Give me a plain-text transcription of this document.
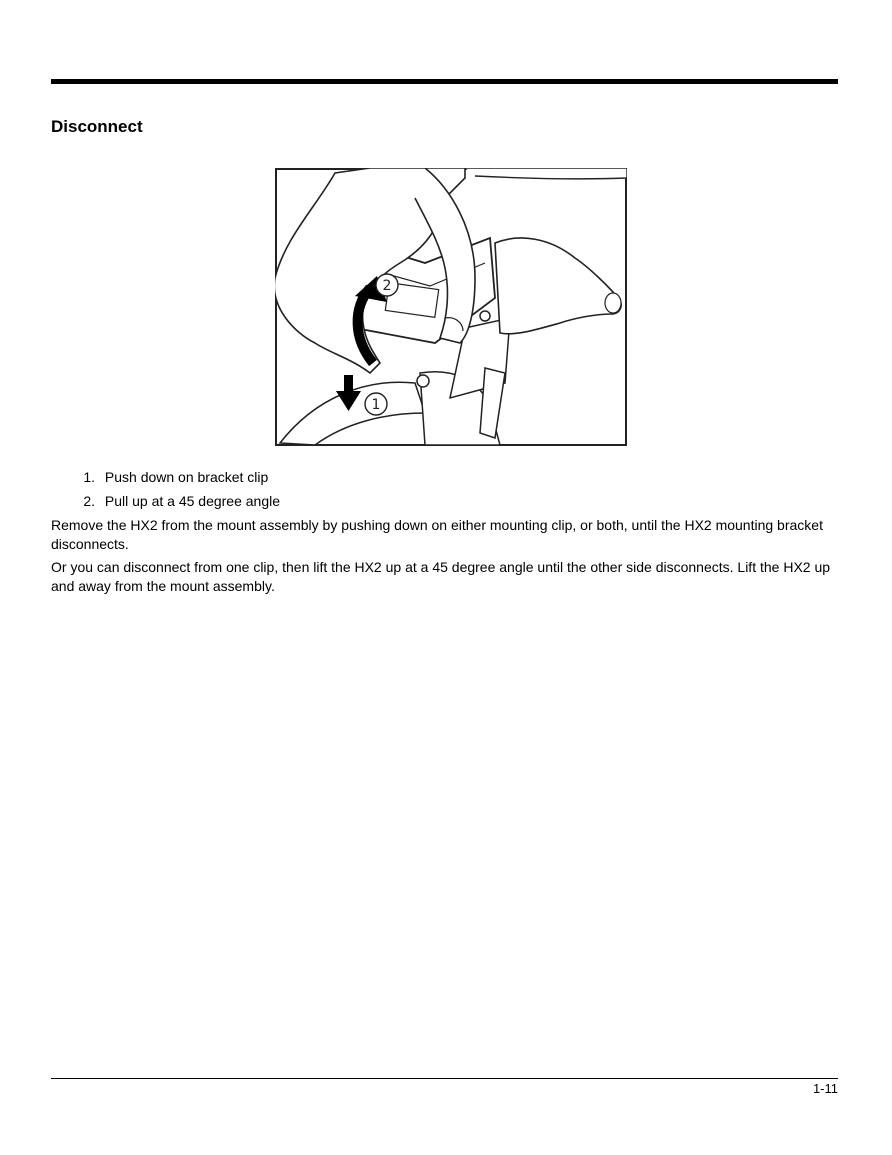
Disconnect
2
1
1. Push down on bracket clip
2. Pull up at a 45 degree angle

Remove the HX2 from the mount assembly by pushing down on either mounting clip, or both, until the HX2 mounting bracket disconnects.

Or you can disconnect from one clip, then lift the HX2 up at a 45 degree angle until the other side disconnects. Lift the HX2 up and away from the mount assembly.

1-11
